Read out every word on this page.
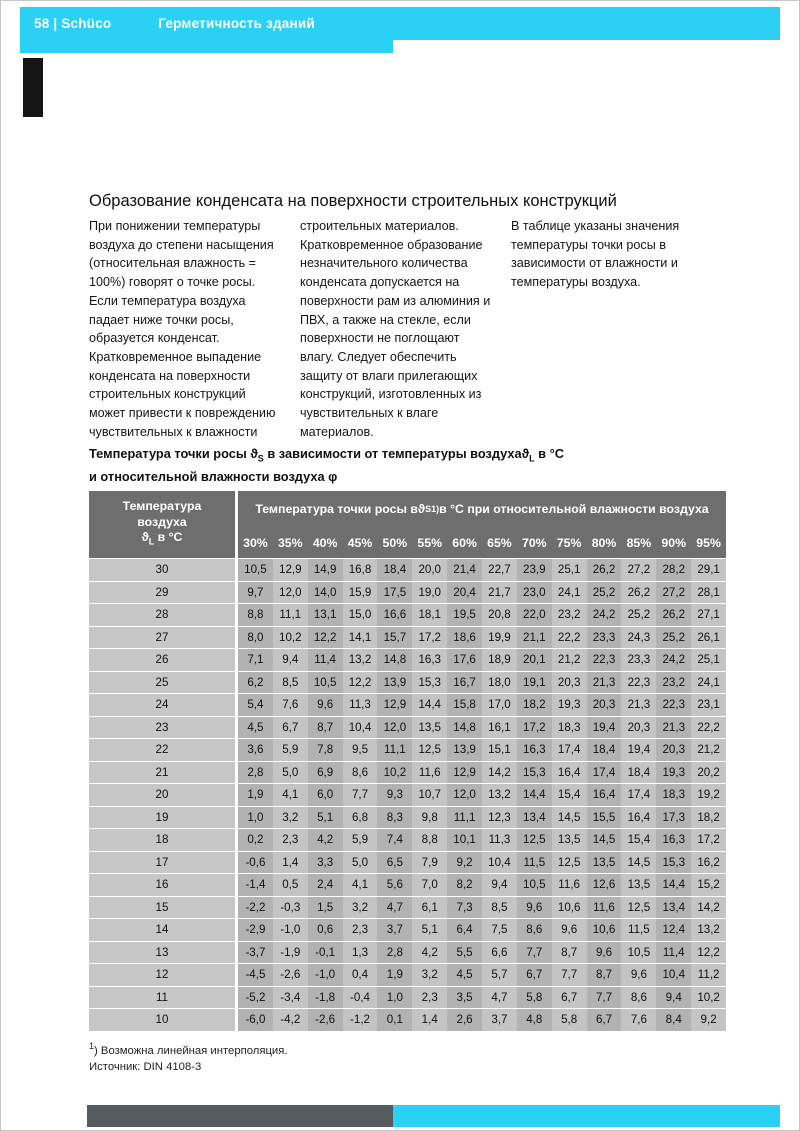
58 | Schüco	Герметичность зданий
Образование конденсата на поверхности строительных конструкций
При понижении температуры воздуха до степени насыщения (относительная влажность = 100%) говорят о точке росы. Если температура воздуха падает ниже точки росы, образуется конденсат. Кратковременное выпадение конденсата на поверхности строительных конструкций может привести к повреждению чувствительных к влажности
строительных материалов. Кратковременное образование незначительного количества конденсата допускается на поверхности рам из алюминия и ПВХ, а также на стекле, если поверхности не поглощают влагу. Следует обеспечить защиту от влаги прилегающих конструкций, изготовленных из чувствительных к влаге материалов.
В таблице указаны значения температуры точки росы в зависимости от влажности и температуры воздуха.
Температура точки росы $ϑ_S$ в зависимости от температуры воздухаϑ$_L$ в °C
и относительной влажности воздуха φ
Температура
воздуха
$ϑ_L$ в °C
Температура точки росы в ϑ S 1) в °C при относительной влажности воздуха
30% 35% 40% 45% 50% 55% 60% 65% 70% 75% 80% 85% 90% 95%
30	10,5	12,9	14,9	16,8	18,4	20,0	21,4	22,7	23,9	25,1	26,2	27,2	28,2	29,1
29	9,7	12,0	14,0	15,9	17,5	19,0	20,4	21,7	23,0	24,1	25,2	26,2	27,2	28,1
28	8,8	11,1	13,1	15,0	16,6	18,1	19,5	20,8	22,0	23,2	24,2	25,2	26,2	27,1
27	8,0	10,2	12,2	14,1	15,7	17,2	18,6	19,9	21,1	22,2	23,3	24,3	25,2	26,1
26	7,1	9,4	11,4	13,2	14,8	16,3	17,6	18,9	20,1	21,2	22,3	23,3	24,2	25,1
25	6,2	8,5	10,5	12,2	13,9	15,3	16,7	18,0	19,1	20,3	21,3	22,3	23,2	24,1
24	5,4	7,6	9,6	11,3	12,9	14,4	15,8	17,0	18,2	19,3	20,3	21,3	22,3	23,1
23	4,5	6,7	8,7	10,4	12,0	13,5	14,8	16,1	17,2	18,3	19,4	20,3	21,3	22,2
22	3,6	5,9	7,8	9,5	11,1	12,5	13,9	15,1	16,3	17,4	18,4	19,4	20,3	21,2
21	2,8	5,0	6,9	8,6	10,2	11,6	12,9	14,2	15,3	16,4	17,4	18,4	19,3	20,2
20	1,9	4,1	6,0	7,7	9,3	10,7	12,0	13,2	14,4	15,4	16,4	17,4	18,3	19,2
19	1,0	3,2	5,1	6,8	8,3	9,8	11,1	12,3	13,4	14,5	15,5	16,4	17,3	18,2
18	0,2	2,3	4,2	5,9	7,4	8,8	10,1	11,3	12,5	13,5	14,5	15,4	16,3	17,2
17	-0,6	1,4	3,3	5,0	6,5	7,9	9,2	10,4	11,5	12,5	13,5	14,5	15,3	16,2
16	-1,4	0,5	2,4	4,1	5,6	7,0	8,2	9,4	10,5	11,6	12,6	13,5	14,4	15,2
15	-2,2	-0,3	1,5	3,2	4,7	6,1	7,3	8,5	9,6	10,6	11,6	12,5	13,4	14,2
14	-2,9	-1,0	0,6	2,3	3,7	5,1	6,4	7,5	8,6	9,6	10,6	11,5	12,4	13,2
13	-3,7	-1,9	-0,1	1,3	2,8	4,2	5,5	6,6	7,7	8,7	9,6	10,5	11,4	12,2
12	-4,5	-2,6	-1,0	0,4	1,9	3,2	4,5	5,7	6,7	7,7	8,7	9,6	10,4	11,2
11	-5,2	-3,4	-1,8	-0,4	1,0	2,3	3,5	4,7	5,8	6,7	7,7	8,6	9,4	10,2
10	-6,0	-4,2	-2,6	-1,2	0,1	1,4	2,6	3,7	4,8	5,8	6,7	7,6	8,4	9,2
$^1$) Возможна линейная интерполяция.
Источник: DIN 4108-3
